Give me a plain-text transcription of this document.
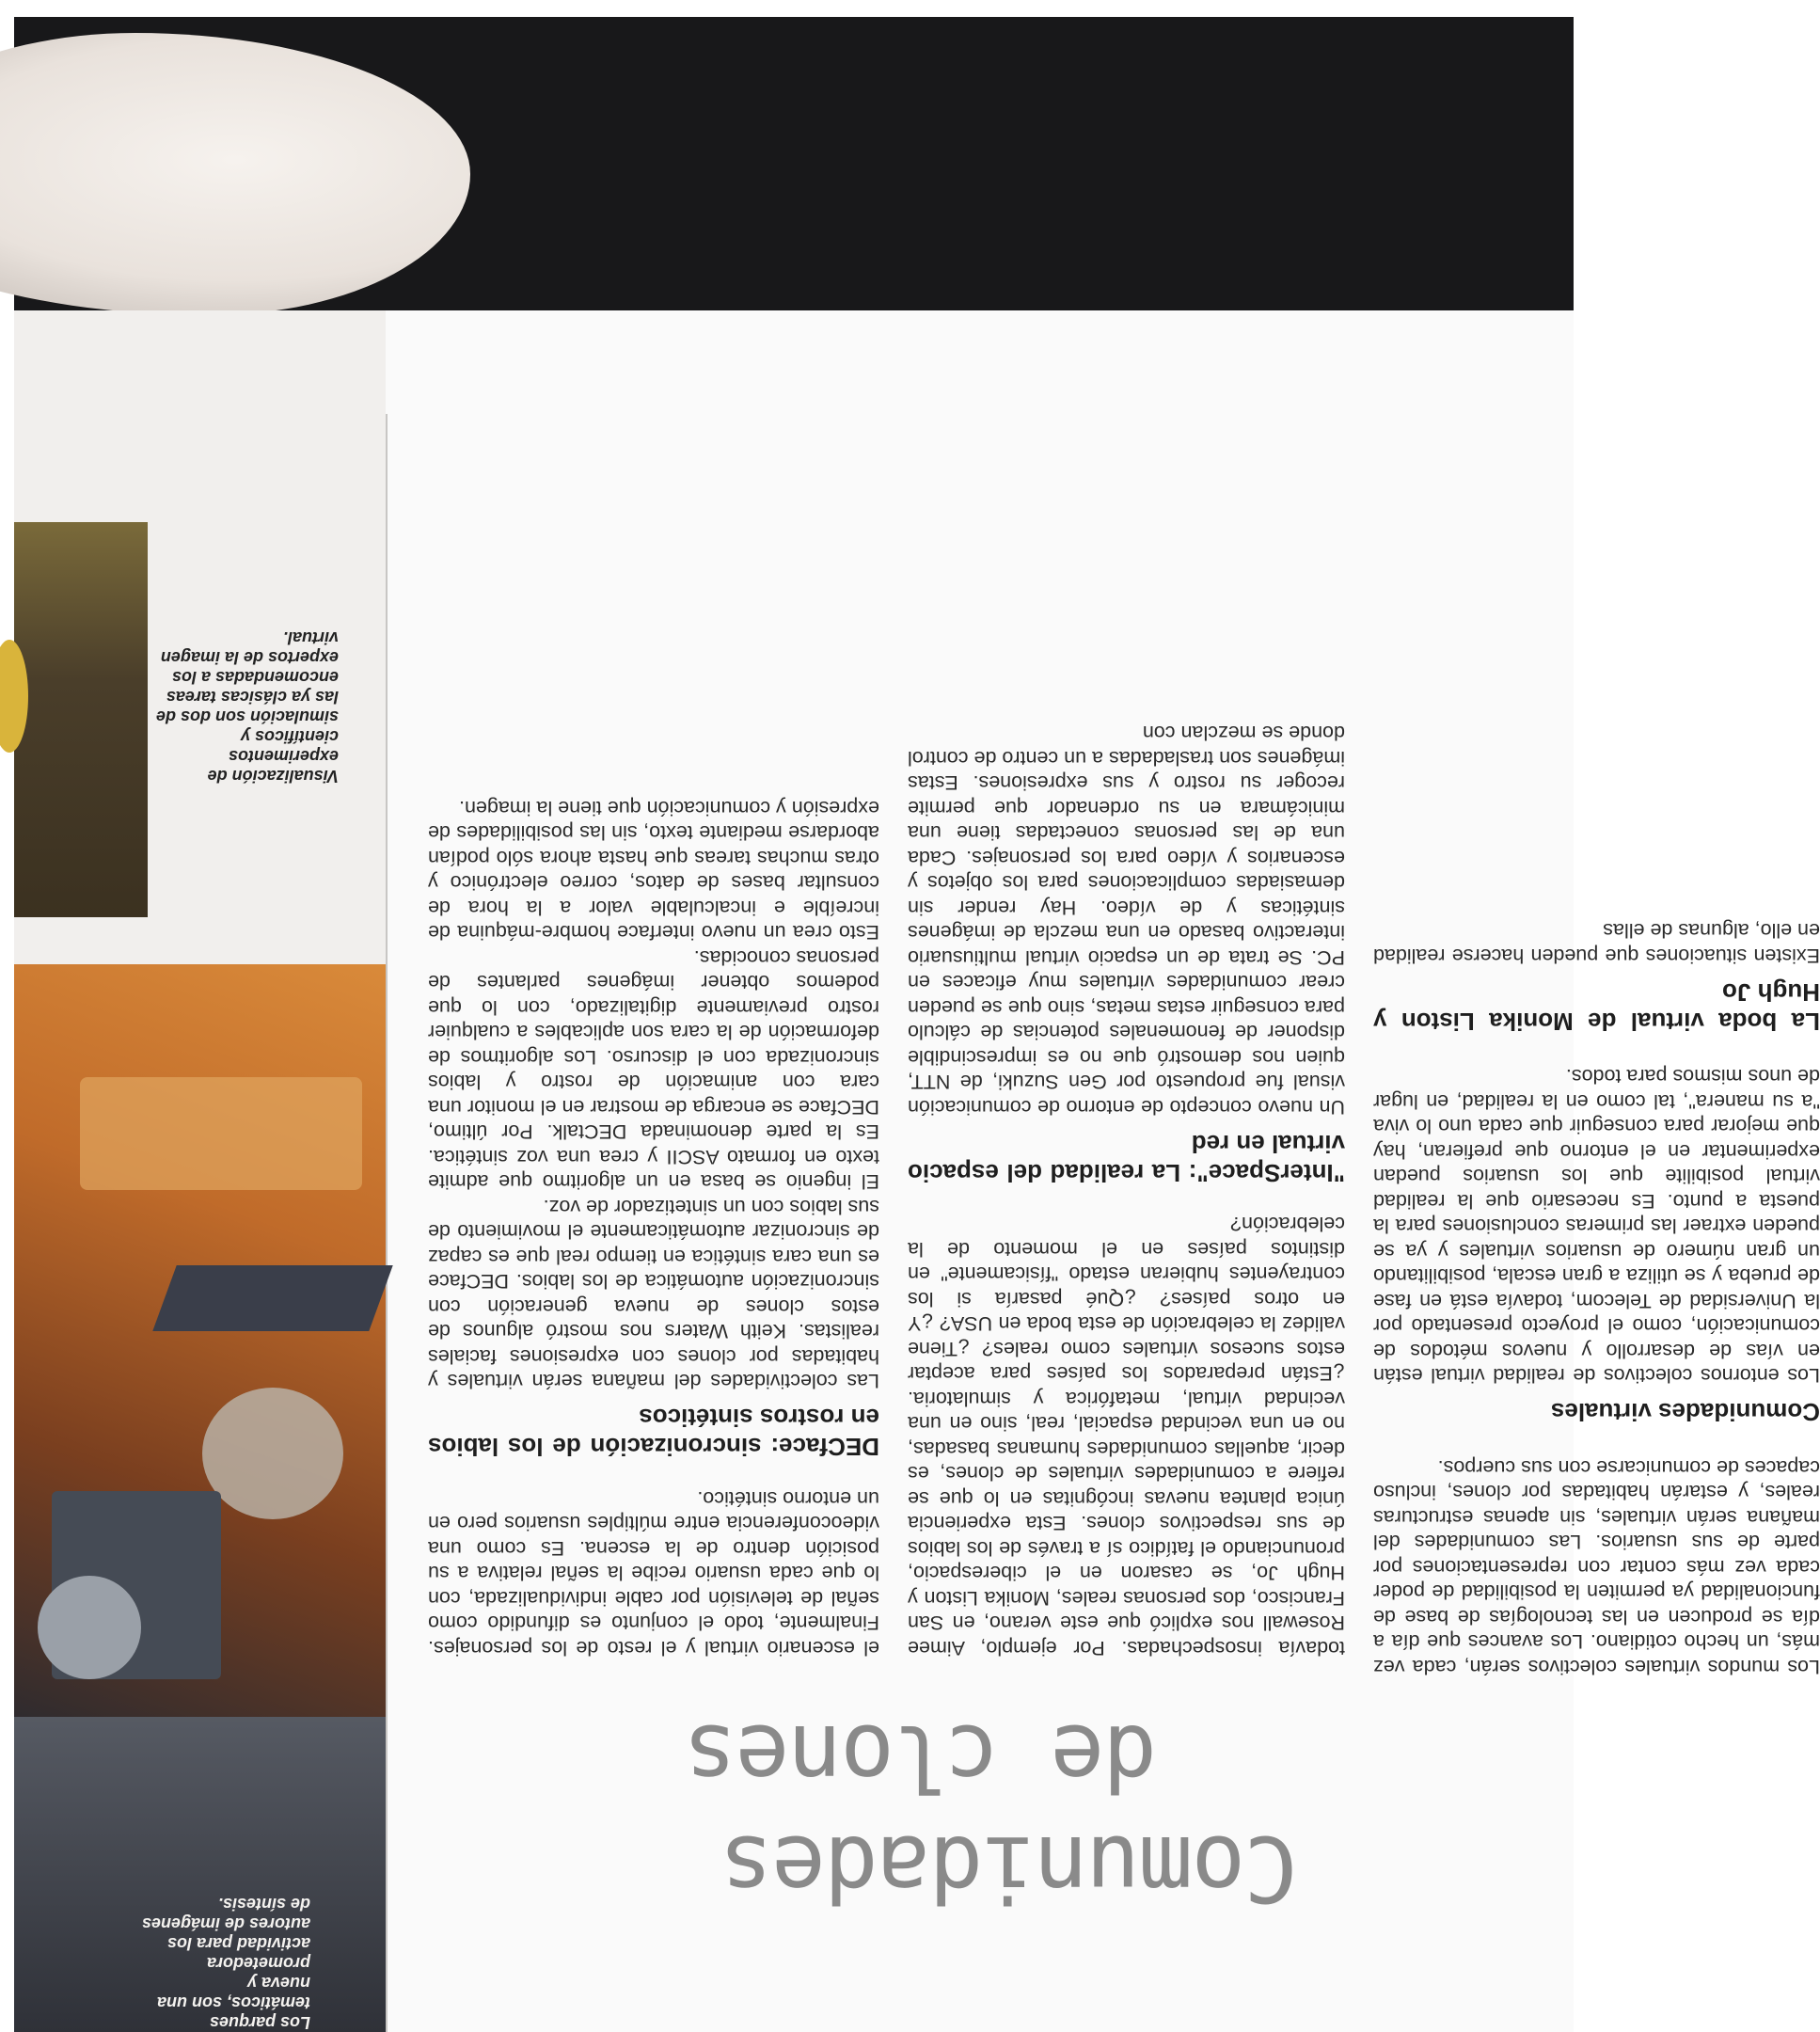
Visualización de experimentos científicos y simulación son dos de las ya clásicas tareas encomendadas a los expertos de la imagen virtual.
Los parques temáticos, son una nueva y prometedora actividad para los autores de imágenes de síntesis.

el escenario virtual y el resto de los personajes. Finalmente, todo el conjunto es difundido como señal de televisión por cable individualizada, con lo que cada usuario recibe la señal relativa a su posición dentro de la escena. Es como una videoconferencia entre múltiples usuarios pero en un entorno sintético.

DECface: sincronización de los labios en rostros sintéticos

Las colectividades del mañana serán virtuales y habitadas por clones con expresiones faciales realistas. Keith Waters nos mostró algunos de estos clones de nueva generación con sincronización automática de los labios. DECface es una cara sintética en tiempo real que es capaz de sincronizar automáticamente el movimiento de sus labios con un sintetizador de voz.

El ingenio se basa en un algoritmo que admite texto en formato ASCII y crea una voz sintética. Es la parte denominada DECtalk. Por último, DECface se encarga de mostrar en el monitor una cara con animación de rostro y labios sincronizada con el discurso. Los algoritmos de deformación de la cara son aplicables a cualquier rostro previamente digitalizado, con lo que podemos obtener imágenes parlantes de personas conocidas.

Esto crea un nuevo interface hombre-máquina de increíble e incalculable valor a la hora de consultar bases de datos, correo electrónico y otras muchas tareas que hasta ahora sólo podían abordarse mediante texto, sin las posibilidades de expresión y comunicación que tiene la imagen.

todavía insospechadas. Por ejemplo, Aimee Rosewall nos explicó que este verano, en San Francisco, dos personas reales, Monika Liston y Hugh Jo, se casaron en el ciberespacio, pronunciando el fatídico sí a través de los labios de sus respectivos clones. Esta experiencia única plantea nuevas incógnitas en lo que se refiere a comunidades virtuales de clones, es decir, aquellas comunidades humanas basadas, no en una vecindad espacial, real, sino en una vecindad virtual, metafórica y simulatoria. ¿Están preparados los países para aceptar estos sucesos virtuales como reales? ¿Tiene validez la celebración de esta boda en USA? ¿Y en otros países? ¿Qué pasaría si los contrayentes hubieran estado "físicamente" en distintos países en el momento de la celebración?

"InterSpace": La realidad del espacio virtual en red

Un nuevo concepto de entorno de comunicación visual fue propuesto por Gen Suzuki, de NTT, quien nos demostró que no es imprescindible disponer de fenomenales potencias de cálculo para conseguir estas metas, sino que se pueden crear comunidades virtuales muy eficaces en PC. Se trata de un espacio virtual multiusuario interactivo basado en una mezcla de imágenes sintéticas y de vídeo. Hay render sin demasiadas complicaciones para los objetos y escenarios y vídeo para los personajes. Cada una de las personas conectadas tiene una minicámara en su ordenador que permite recoger su rostro y sus expresiones. Estas imágenes son trasladadas a un centro de control donde se mezclan con

Los mundos virtuales colectivos serán, cada vez más, un hecho cotidiano. Los avances que día a día se producen en las tecnologías de base de funcionalidad ya permiten la posibilidad de poder cada vez más contar con representaciones por parte de sus usuarios. Las comunidades del mañana serán virtuales, sin apenas estructuras reales, y estarán habitadas por clones, incluso capaces de comunicarse con sus cuerpos.

Comunidades virtuales

Los entornos colectivos de realidad virtual están en vías de desarrollo y nuevos métodos de comunicación, como el proyecto presentado por la Universidad de Telecom, todavía está en fase de prueba y se utiliza a gran escala, posibilitando un gran número de usuarios virtuales y ya se pueden extraer las primeras conclusiones para la puesta a punto. Es necesario que la realidad virtual posibilite que los usuarios puedan experimentar en el entorno que prefieran, hay que mejorar para conseguir que cada uno lo viva "a su manera", tal como en la realidad, en lugar de unos mismos para todos.

La boda virtual de Monika Liston y Hugh Jo

Existen situaciones que pueden hacerse realidad en ello, algunas de ellas

Comunidades
de clones
